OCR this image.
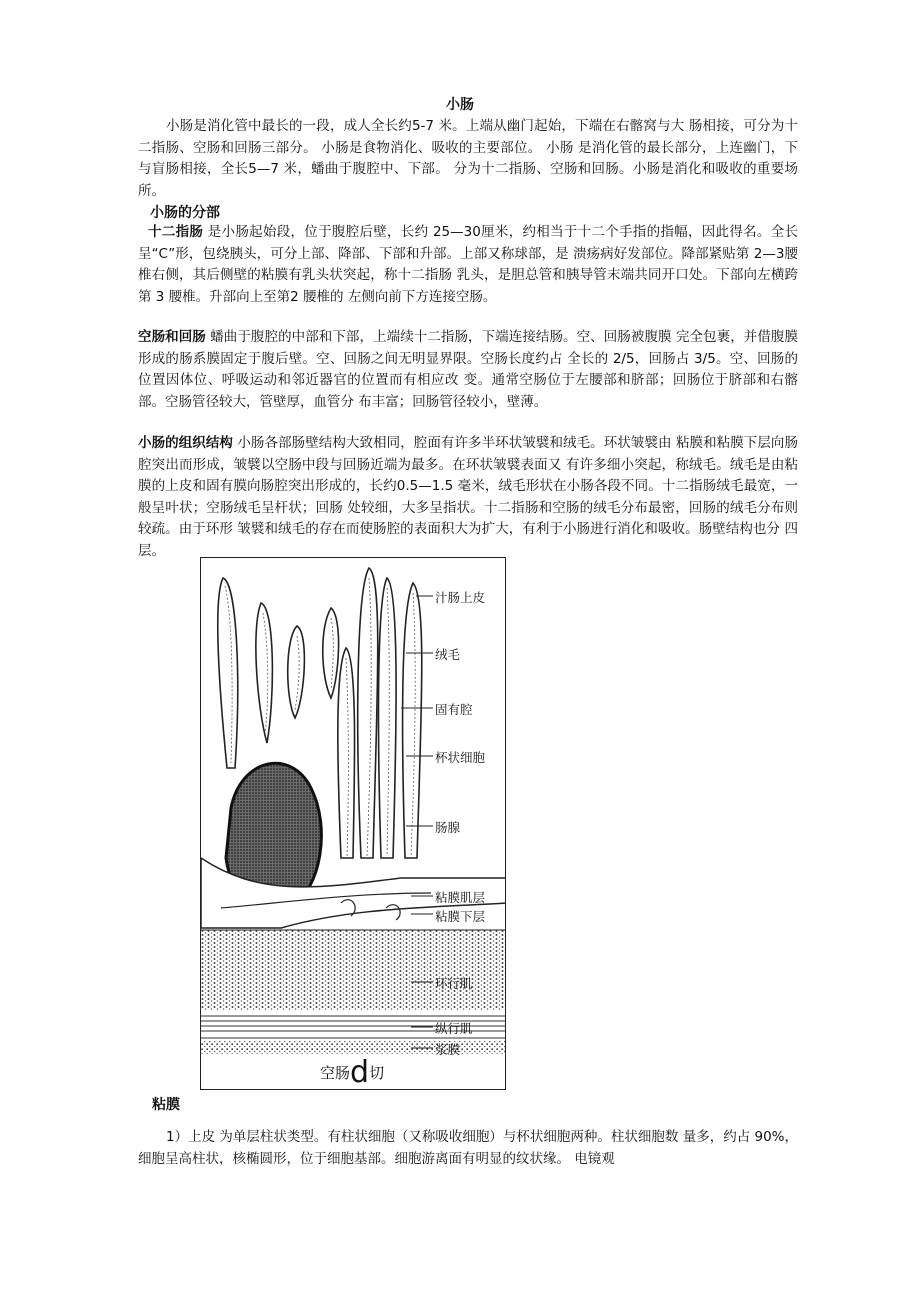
小肠

小肠是消化管中最长的一段，成人全长约5-7 米。上端从幽门起始，下端在右髂窝与大 肠相接，可分为十二指肠、空肠和回肠三部分。 小肠是食物消化、吸收的主要部位。 小肠 是消化管的最长部分，上连幽门，下与盲肠相接，全长5—7 米，蟠曲于腹腔中、下部。 分为十二指肠、空肠和回肠。小肠是消化和吸收的重要场所。

小肠的分部

十二指肠 是小肠起始段，位于腹腔后壁，长约 25—30厘米，约相当于十二个手指的指幅，因此得名。全长呈“C”形，包绕胰头，可分上部、降部、下部和升部。上部又称球部，是 溃疡病好发部位。降部紧贴第 2—3腰椎右侧，其后侧壁的粘膜有乳头状突起，称十二指肠 乳头，是胆总管和胰导管末端共同开口处。下部向左横跨第 3 腰椎。升部向上至第2 腰椎的 左侧向前下方连接空肠。

空肠和回肠 蟠曲于腹腔的中部和下部，上端续十二指肠，下端连接结肠。空、回肠被腹膜 完全包裹，并借腹膜形成的肠系膜固定于腹后壁。空、回肠之间无明显界限。空肠长度约占 全长的 2/5，回肠占 3/5。空、回肠的位置因体位、呼吸运动和邻近器官的位置而有相应改 变。通常空肠位于左腰部和脐部；回肠位于脐部和右髂部。空肠管径较大，管壁厚，血管分 布丰富；回肠管径较小，壁薄。

小肠的组织结构 小肠各部肠壁结构大致相同，腔面有许多半环状皱襞和绒毛。环状皱襞由 粘膜和粘膜下层向肠腔突出而形成，皱襞以空肠中段与回肠近端为最多。在环状皱襞表面又 有许多细小突起，称绒毛。绒毛是由粘膜的上皮和固有膜向肠腔突出形成的，长约0.5—1.5 毫米，绒毛形状在小肠各段不同。十二指肠绒毛最宽，一般呈叶状；空肠绒毛呈杆状；回肠 处较细，大多呈指状。十二指肠和空肠的绒毛分布最密，回肠的绒毛分布则较疏。由于环形 皱襞和绒毛的存在而使肠腔的表面积大为扩大，有利于小肠进行消化和吸收。肠壁结构也分 四层。

汁肠上皮
绒毛
固有腔
杯状细胞
肠腺
粘膜肌层
粘膜下层
环行肌
纵行肌
浆膜
空肠d切
粘膜

1）上皮 为单层柱状类型。有柱状细胞（又称吸收细胞）与杯状细胞两种。柱状细胞数 量多，约占 90%，细胞呈高柱状，核椭圆形，位于细胞基部。细胞游离面有明显的纹状缘。 电镜观
